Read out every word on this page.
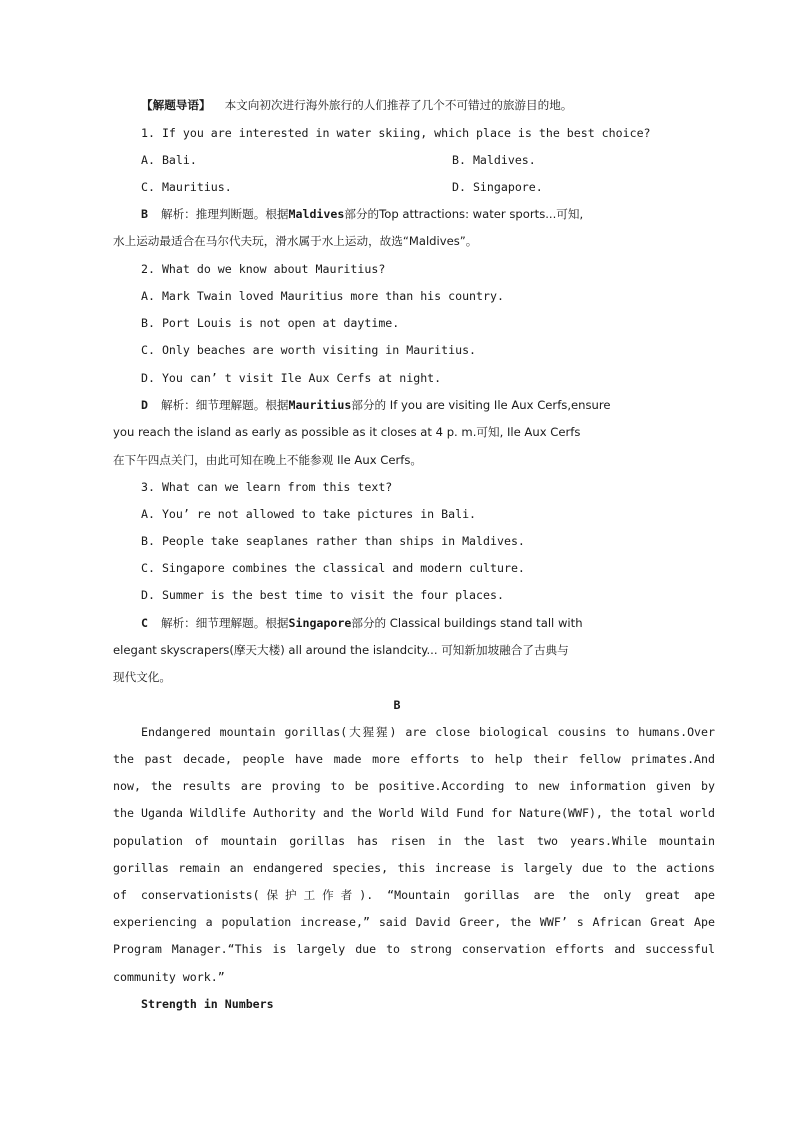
【解题导语】 本文向初次进行海外旅行的人们推荐了几个不可错过的旅游目的地。
1. If you are interested in water skiing, which place is the best choice?
A. Bali.	B. Maldives.
C. Mauritius.	D. Singapore.
B 解析：推理判断题。根据Maldives部分的Top attractions: water sports...可知,
水上运动最适合在马尔代夫玩，滑水属于水上运动，故选“Maldives”。
2. What do we know about Mauritius?
A. Mark Twain loved Mauritius more than his country.
B. Port Louis is not open at daytime.
C. Only beaches are worth visiting in Mauritius.
D. You can’ t visit Ile Aux Cerfs at night.
D 解析：细节理解题。根据Mauritius部分的 If you are visiting Ile Aux Cerfs,ensure
you reach the island as early as possible as it closes at 4 p. m.可知, Ile Aux Cerfs
在下午四点关门，由此可知在晚上不能参观 Ile Aux Cerfs。
3. What can we learn from this text?
A. You’ re not allowed to take pictures in Bali.
B. People take seaplanes rather than ships in Maldives.
C. Singapore combines the classical and modern culture.
D. Summer is the best time to visit the four places.
C 解析：细节理解题。根据Singapore部分的 Classical buildings stand tall with
elegant skyscrapers(摩天大楼) all around the islandcity... 可知新加坡融合了古典与
现代文化。
B
Endangered mountain gorillas(大猩猩) are close biological cousins to humans.Over
the past decade, people have made more efforts to help their fellow primates.And
now, the results are proving to be positive.According to new information given by
the Uganda Wildlife Authority and the World Wild Fund for Nature(WWF), the total world
population of mountain gorillas has risen in the last two years.While mountain
gorillas remain an endangered species, this increase is largely due to the actions
of conservationists(保护工作者). “Mountain gorillas are the only great ape
experiencing a population increase,” said David Greer, the WWF’ s African Great Ape
Program Manager.“This is largely due to strong conservation efforts and successful
community work.”
Strength in Numbers
